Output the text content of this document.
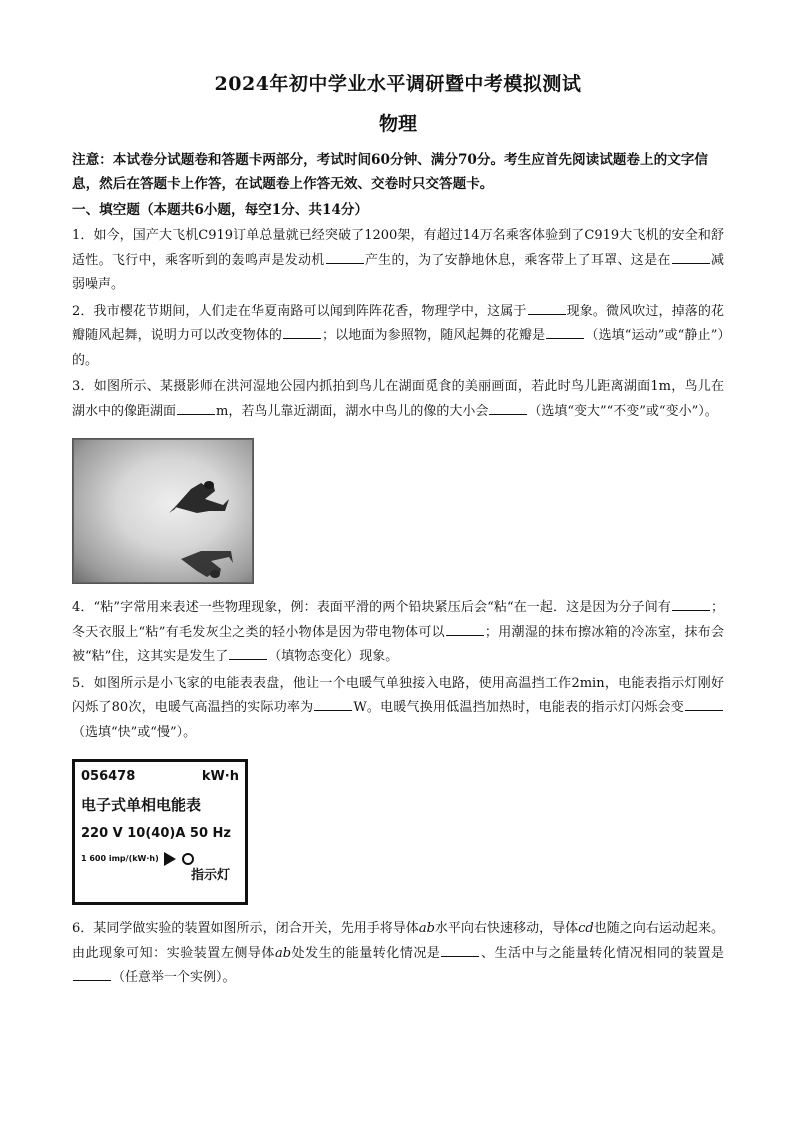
2024年初中学业水平调研暨中考模拟测试
物理
注意：本试卷分试题卷和答题卡两部分，考试时间60分钟、满分70分。考生应首先阅读试题卷上的文字信息，然后在答题卡上作答，在试题卷上作答无效、交卷时只交答题卡。
一、填空题（本题共6小题，每空1分、共14分）
1．如今，国产大飞机C919订单总量就已经突破了1200架，有超过14万名乘客体验到了C919大飞机的安全和舒适性。飞行中，乘客听到的轰鸣声是发动机	产生的，为了安静地休息，乘客带上了耳罩、这是在	减弱噪声。
2．我市樱花节期间，人们走在华夏南路可以闻到阵阵花香，物理学中，这属于	现象。微风吹过，掉落的花瓣随风起舞，说明力可以改变物体的	；以地面为参照物，随风起舞的花瓣是	（选填“运动”或“静止”）的。
3．如图所示、某摄影师在洪河湿地公园内抓拍到鸟儿在湖面觅食的美丽画面，若此时鸟儿距离湖面1m，鸟儿在湖水中的像距湖面	m，若鸟儿靠近湖面，湖水中鸟儿的像的大小会	（选填“变大”“不变”或“变小”）。
4．“粘”字常用来表述一些物理现象，例：表面平滑的两个铅块紧压后会“粘“在一起．这是因为分子间有	；冬天衣服上“粘”有毛发灰尘之类的轻小物体是因为带电物体可以	；用潮湿的抹布擦冰箱的冷冻室，抹布会被“粘”住，这其实是发生了	（填物态变化）现象。
5．如图所示是小飞家的电能表表盘，他让一个电暖气单独接入电路，使用高温挡工作2min，电能表指示灯刚好闪烁了80次，电暖气高温挡的实际功率为	W。电暖气换用低温挡加热时，电能表的指示灯闪烁会变（选填“快”或“慢”）。
056478	kW·h
电子式单相电能表
220 V 10(40)A 50 Hz
1 600 imp/(kW·h)
指示灯
6．某同学做实验的装置如图所示，闭合开关，先用手将导体ab水平向右快速移动，导体cd也随之向右运动起来。由此现象可知：实验装置左侧导体ab处发生的能量转化情况是	、生活中与之能量转化情况相同的装置是（任意举一个实例）。
